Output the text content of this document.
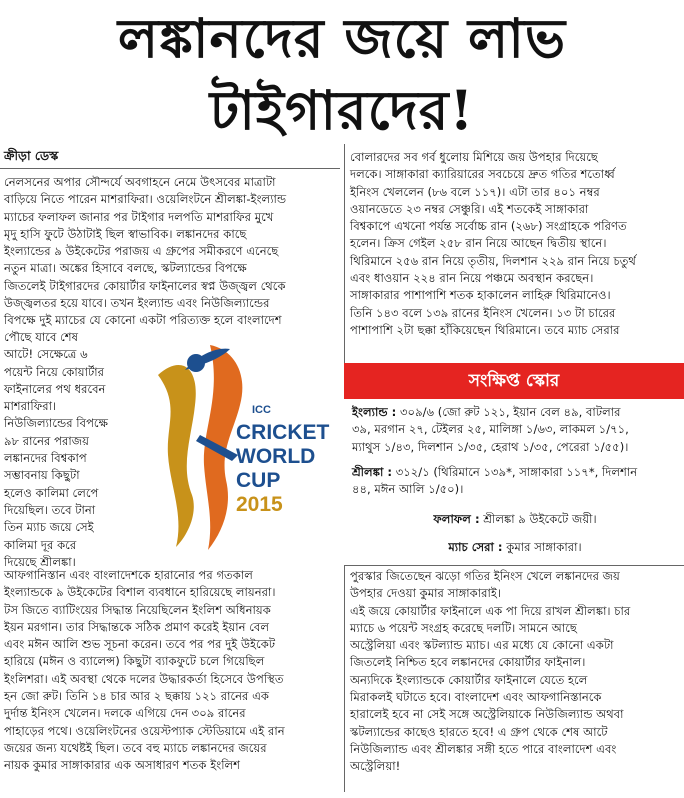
লঙ্কানদের জয়ে লাভ
টাইগারদের!
ক্রীড়া ডেস্ক

নেলসনের অপার সৌন্দর্যে অবগাহনে নেমে উৎসবের মাত্রাটা

বাড়িয়ে নিতে পারেন মাশরাফিরা। ওয়েলিংটনে শ্রীলঙ্কা-ইংল্যান্ড

ম্যাচের ফলাফল জানার পর টাইগার দলপতি মাশরাফির মুখে

মৃদু হাসি ফুটে উঠাটাই ছিল স্বাভাবিক। লঙ্কানদের কাছে

ইংল্যান্ডের ৯ উইকেটের পরাজয় এ গ্রুপের সমীকরণে এনেছে

নতুন মাত্রা। অঙ্কের হিসাবে বলছে, স্কটল্যান্ডের বিপক্ষে

জিতলেই টাইগারদের কোয়ার্টার ফাইনালের স্বপ্ন উজ্জ্বল থেকে

উজ্জ্বলতর হয়ে যাবে। তখন ইংল্যান্ড এবং নিউজিল্যান্ডের

বিপক্ষে দুই ম্যাচের যে কোনো একটা পরিত্যক্ত হলে বাংলাদেশ

পৌছে যাবে শেষ

আটে! সেক্ষেত্রে ৬

পয়েন্ট নিয়ে কোয়ার্টার

ফাইনালের পথ ধরবেন

মাশরাফিরা।

নিউজিল্যান্ডের বিপক্ষে

৯৮ রানের পরাজয়

লঙ্কানদের বিশ্বকাপ

সম্ভাবনায় কিছুটা

হলেও কালিমা লেপে

দিয়েছিল। তবে টানা

তিন ম্যাচ জয়ে সেই

কালিমা দূর করে

দিয়েছে শ্রীলঙ্কা।

ICC
CRICKET
WORLD
CUP
2015

আফগানিস্তান এবং বাংলাদেশকে হারানোর পর গতকাল

ইংল্যান্ডকে ৯ উইকেটের বিশাল ব্যবধানে হারিয়েছে লায়নরা।

টস জিতে ব্যাটিংয়ের সিদ্ধান্ত নিয়েছিলেন ইংলিশ অধিনায়ক

ইয়ন মরগান। তার সিদ্ধান্তকে সঠিক প্রমাণ করেই ইয়ান বেল

এবং মঈন আলি শুভ সূচনা করেন। তবে পর পর দুই উইকেট

হারিয়ে (মঈন ও ব্যালেন্স) কিছুটা ব্যাকফুটে চলে গিয়েছিল

ইংলিশরা। এই অবস্থা থেকে দলের উদ্ধারকর্তা হিসেবে উপস্থিত

হন জো রুট। তিনি ১৪ চার আর ২ ছক্কায় ১২১ রানের এক

দুর্দান্ত ইনিংস খেলেন। দলকে এগিয়ে দেন ৩০৯ রানের

পাহাড়ের পথে। ওয়েলিংটনের ওয়েস্টপ্যাক স্টেডিয়ামে এই রান

জয়ের জন্য যথেষ্টই ছিল। তবে বহু ম্যাচে লঙ্কানদের জয়ের

নায়ক কুমার সাঙ্গাকারার এক অসাধারণ শতক ইংলিশ

বোলারদের সব গর্ব ধুলোয় মিশিয়ে জয় উপহার দিয়েছে

দলকে। সাঙ্গাকারা ক্যারিয়ারের সবচেয়ে দ্রুত গতির শতোর্ধ্ব

ইনিংস খেললেন (৮৬ বলে ১১৭)। এটা তার ৪০১ নম্বর

ওয়ানডেতে ২৩ নম্বর সেঞ্চুরি। এই শতকেই সাঙ্গাকারা

বিশ্বকাপে এখনো পর্যন্ত সর্বোচ্চ রান (২৬৮) সংগ্রাহকে পরিণত

হলেন। ক্রিস গেইল ২৫৮ রান নিয়ে আছেন দ্বিতীয় স্থানে।

থিরিমানে ২৫৬ রান নিয়ে তৃতীয়, দিলশান ২২৯ রান নিয়ে চতুর্থ

এবং ধাওয়ান ২২৪ রান নিয়ে পঞ্চমে অবস্থান করছেন।

সাঙ্গাকারার পাশাপাশি শতক হাকালেন লাহিরু থিরিমানেও।

তিনি ১৪৩ বলে ১৩৯ রানের ইনিংস খেলেন। ১৩ টা চারের

পাশাপাশি ২টা ছক্কা হাঁকিয়েছেন থিরিমানে। তবে ম্যাচ সেরার

সংক্ষিপ্ত স্কোর

ইংল্যান্ড : ৩০৯/৬ (জো রুট ১২১, ইয়ান বেল ৪৯, বাটলার

৩৯, মরগান ২৭, টেইলর ২৫, মালিঙ্গা ১/৬৩, লাকমল ১/৭১,

ম্যাথুস ১/৪৩, দিলশান ১/৩৫, হেরাথ ১/৩৫, পেরেরা ১/৫৫)।

শ্রীলঙ্কা : ৩১২/১ (থিরিমানে ১৩৯*, সাঙ্গাকারা ১১৭*, দিলশান

৪৪, মঈন আলি ১/৫০)।

ফলাফল : শ্রীলঙ্কা ৯ উইকেটে জয়ী।
ম্যাচ সেরা : কুমার সাঙ্গাকারা।

পুরস্কার জিতেছেন ঝড়ো গতির ইনিংস খেলে লঙ্কানদের জয়

উপহার দেওয়া কুমার সাঙ্গাকারাই।

এই জয়ে কোয়ার্টার ফাইনালে এক পা দিয়ে রাখল শ্রীলঙ্কা। চার

ম্যাচে ৬ পয়েন্ট সংগ্রহ করেছে দলটি। সামনে আছে

অস্ট্রেলিয়া এবং স্কটল্যান্ড ম্যাচ। এর মধ্যে যে কোনো একটা

জিতলেই নিশ্চিত হবে লঙ্কানদের কোয়ার্টার ফাইনাল।

অন্যদিকে ইংল্যান্ডকে কোয়ার্টার ফাইনালে যেতে হলে

মিরাকলই ঘটাতে হবে। বাংলাদেশ এবং আফগানিস্তানকে

হারালেই হবে না সেই সঙ্গে অস্ট্রেলিয়াকে নিউজিল্যান্ড অথবা

স্কটল্যান্ডের কাছেও হারতে হবে! এ গ্রুপ থেকে শেষ আটে

নিউজিল্যান্ড এবং শ্রীলঙ্কার সঙ্গী হতে পারে বাংলাদেশ এবং

অস্ট্রেলিয়া!
